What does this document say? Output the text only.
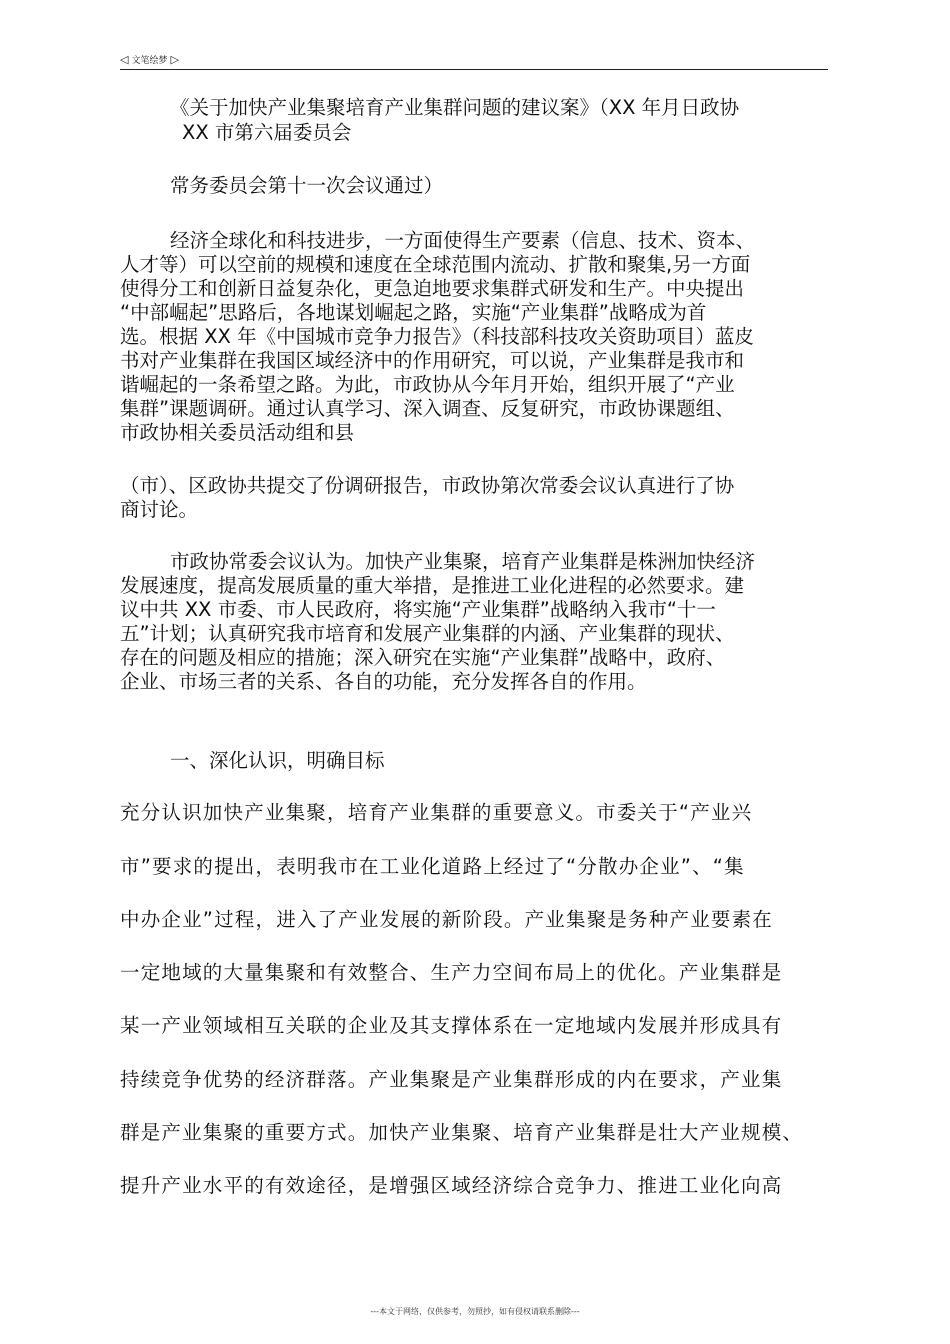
◁ 文笔绘梦 ▷
《关于加快产业集聚培育产业集群问题的建议案》（XX 年月日政协
XX 市第六届委员会
常务委员会第十一次会议通过）
经济全球化和科技进步，一方面使得生产要素（信息、技术、资本、
人才等）可以空前的规模和速度在全球范围内流动、扩散和聚集,另一方面
使得分工和创新日益复杂化，更急迫地要求集群式研发和生产。中央提出
“中部崛起”思路后，各地谋划崛起之路，实施“产业集群”战略成为首
选。根据 XX 年《中国城市竞争力报告》（科技部科技攻关资助项目）蓝皮
书对产业集群在我国区域经济中的作用研究，可以说，产业集群是我市和
谐崛起的一条希望之路。为此，市政协从今年月开始，组织开展了“产业
集群”课题调研。通过认真学习、深入调查、反复研究，市政协课题组、
市政协相关委员活动组和县
（市）、区政协共提交了份调研报告，市政协第次常委会议认真进行了协
商讨论。
市政协常委会议认为。加快产业集聚，培育产业集群是株洲加快经济
发展速度，提高发展质量的重大举措，是推进工业化进程的必然要求。建
议中共 XX 市委、市人民政府，将实施“产业集群”战略纳入我市“十一
五”计划；认真研究我市培育和发展产业集群的内涵、产业集群的现状、
存在的问题及相应的措施；深入研究在实施“产业集群”战略中，政府、
企业、市场三者的关系、各自的功能，充分发挥各自的作用。
一、深化认识，明确目标
充分认识加快产业集聚，培育产业集群的重要意义。市委关于“产业兴
市”要求的提出，表明我市在工业化道路上经过了“分散办企业”、“集
中办企业”过程，进入了产业发展的新阶段。产业集聚是务种产业要素在
一定地域的大量集聚和有效整合、生产力空间布局上的优化。产业集群是
某一产业领域相互关联的企业及其支撑体系在一定地域内发展并形成具有
持续竞争优势的经济群落。产业集聚是产业集群形成的内在要求，产业集
群是产业集聚的重要方式。加快产业集聚、培育产业集群是壮大产业规模、
提升产业水平的有效途径，是增强区域经济综合竞争力、推进工业化向高
---本文于网络，仅供参考，勿照抄，如有侵权请联系删除---
